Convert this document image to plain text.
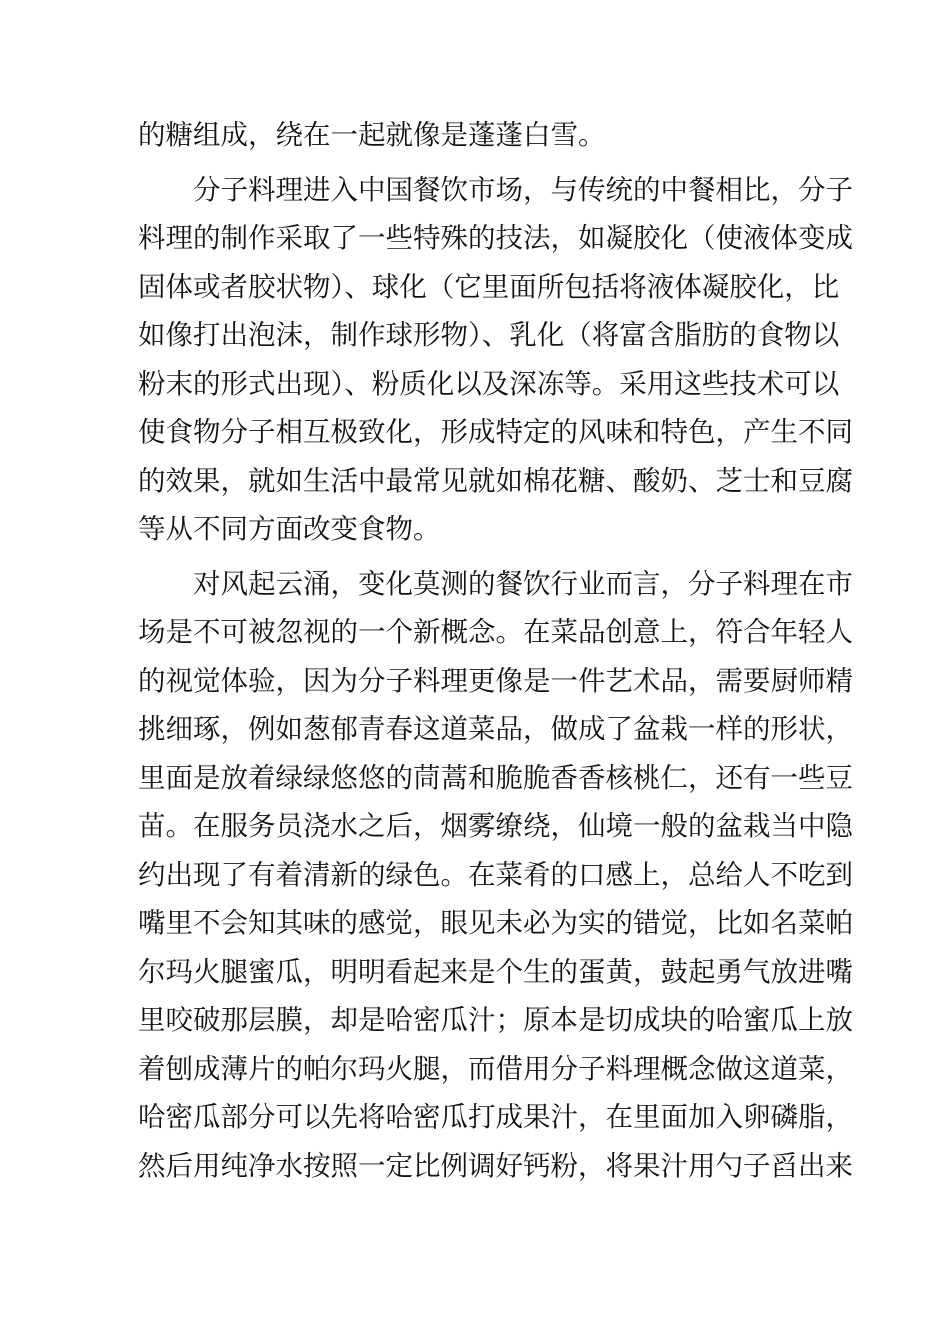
的糖组成，绕在一起就像是蓬蓬白雪。
分子料理进入中国餐饮市场，与传统的中餐相比，分子
料理的制作采取了一些特殊的技法，如凝胶化（使液体变成
固体或者胶状物）、球化（它里面所包括将液体凝胶化，比
如像打出泡沫，制作球形物）、乳化（将富含脂肪的食物以
粉末的形式出现）、粉质化以及深冻等。采用这些技术可以
使食物分子相互极致化，形成特定的风味和特色，产生不同
的效果，就如生活中最常见就如棉花糖、酸奶、芝士和豆腐
等从不同方面改变食物。
对风起云涌，变化莫测的餐饮行业而言，分子料理在市
场是不可被忽视的一个新概念。在菜品创意上，符合年轻人
的视觉体验，因为分子料理更像是一件艺术品，需要厨师精
挑细琢，例如葱郁青春这道菜品，做成了盆栽一样的形状，
里面是放着绿绿悠悠的茼蒿和脆脆香香核桃仁，还有一些豆
苗。在服务员浇水之后，烟雾缭绕，仙境一般的盆栽当中隐
约出现了有着清新的绿色。在菜肴的口感上，总给人不吃到
嘴里不会知其味的感觉，眼见未必为实的错觉，比如名菜帕
尔玛火腿蜜瓜，明明看起来是个生的蛋黄，鼓起勇气放进嘴
里咬破那层膜，却是哈密瓜汁；原本是切成块的哈蜜瓜上放
着刨成薄片的帕尔玛火腿，而借用分子料理概念做这道菜，
哈密瓜部分可以先将哈密瓜打成果汁，在里面加入卵磷脂，
然后用纯净水按照一定比例调好钙粉，将果汁用勺子舀出来
